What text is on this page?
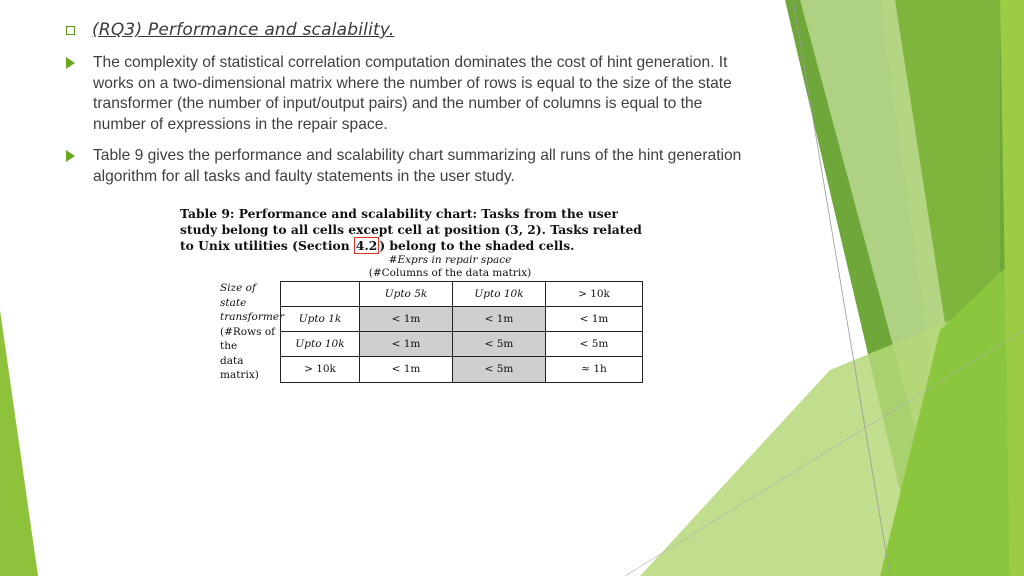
(RQ3) Performance and scalability.
The complexity of statistical correlation computation dominates the cost of hint generation. It works on a two-dimensional matrix where the number of rows is equal to the size of the state transformer (the number of input/output pairs) and the number of columns is equal to the number of expressions in the repair space.
Table 9 gives the performance and scalability chart summarizing all runs of the hint generation algorithm for all tasks and faulty statements in the user study.
Table 9: Performance and scalability chart: Tasks from the user study belong to all cells except cell at position (3, 2). Tasks related to Unix utilities (Section 4.2 ) belong to the shaded cells.
#Exprs in repair space
(#Columns of the data matrix)
Size of state
transformer
(#Rows of the
data matrix)
	Upto 5k	Upto 10k	> 10k
Upto 1k	< 1m	< 1m	< 1m
Upto 10k	< 1m	< 5m	< 5m
> 10k	< 1m	< 5m	≈ 1h
